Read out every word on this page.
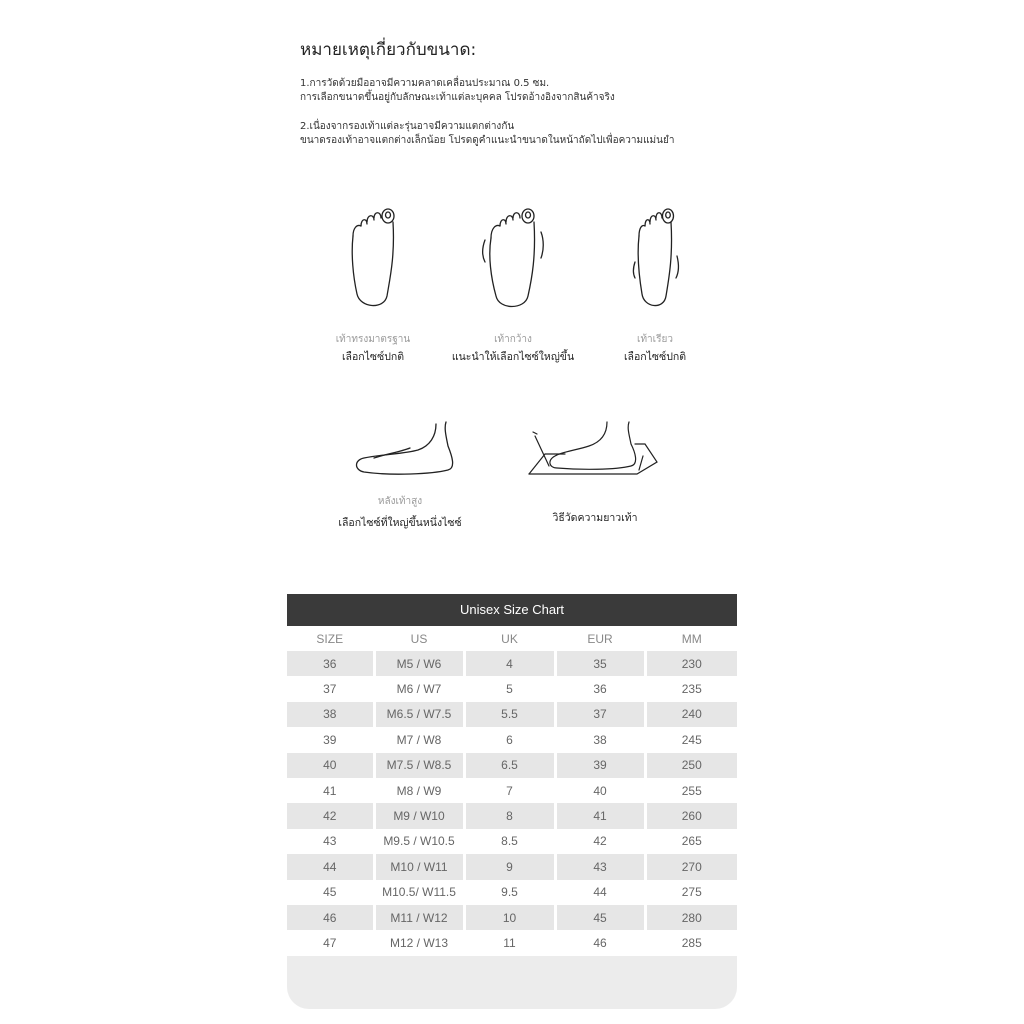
หมายเหตุเกี่ยวกับขนาด:
1.การวัดด้วยมืออาจมีความคลาดเคลื่อนประมาณ 0.5 ซม.
การเลือกขนาดขึ้นอยู่กับลักษณะเท้าแต่ละบุคคล โปรดอ้างอิงจากสินค้าจริง
2.เนื่องจากรองเท้าแต่ละรุ่นอาจมีความแตกต่างกัน
ขนาดรองเท้าอาจแตกต่างเล็กน้อย โปรดดูคำแนะนำขนาดในหน้าถัดไปเพื่อความแม่นยำ
เท้าทรงมาตรฐาน
เลือกไซซ์ปกติ
เท้ากว้าง
แนะนำให้เลือกไซซ์ใหญ่ขึ้น
เท้าเรียว
เลือกไซซ์ปกติ
หลังเท้าสูง
เลือกไซซ์ที่ใหญ่ขึ้นหนึ่งไซซ์	วิธีวัดความยาวเท้า
Unisex Size Chart
SIZE	US	UK	EUR	MM
36	M5 / W6	4	35	230
37	M6 / W7	5	36	235
38	M6.5 / W7.5	5.5	37	240
39	M7 / W8	6	38	245
40	M7.5 / W8.5	6.5	39	250
41	M8 / W9	7	40	255
42	M9 / W10	8	41	260
43	M9.5 / W10.5	8.5	42	265
44	M10 / W11	9	43	270
45	M10.5/ W11.5	9.5	44	275
46	M11 / W12	10	45	280
47	M12 / W13	11	46	285
